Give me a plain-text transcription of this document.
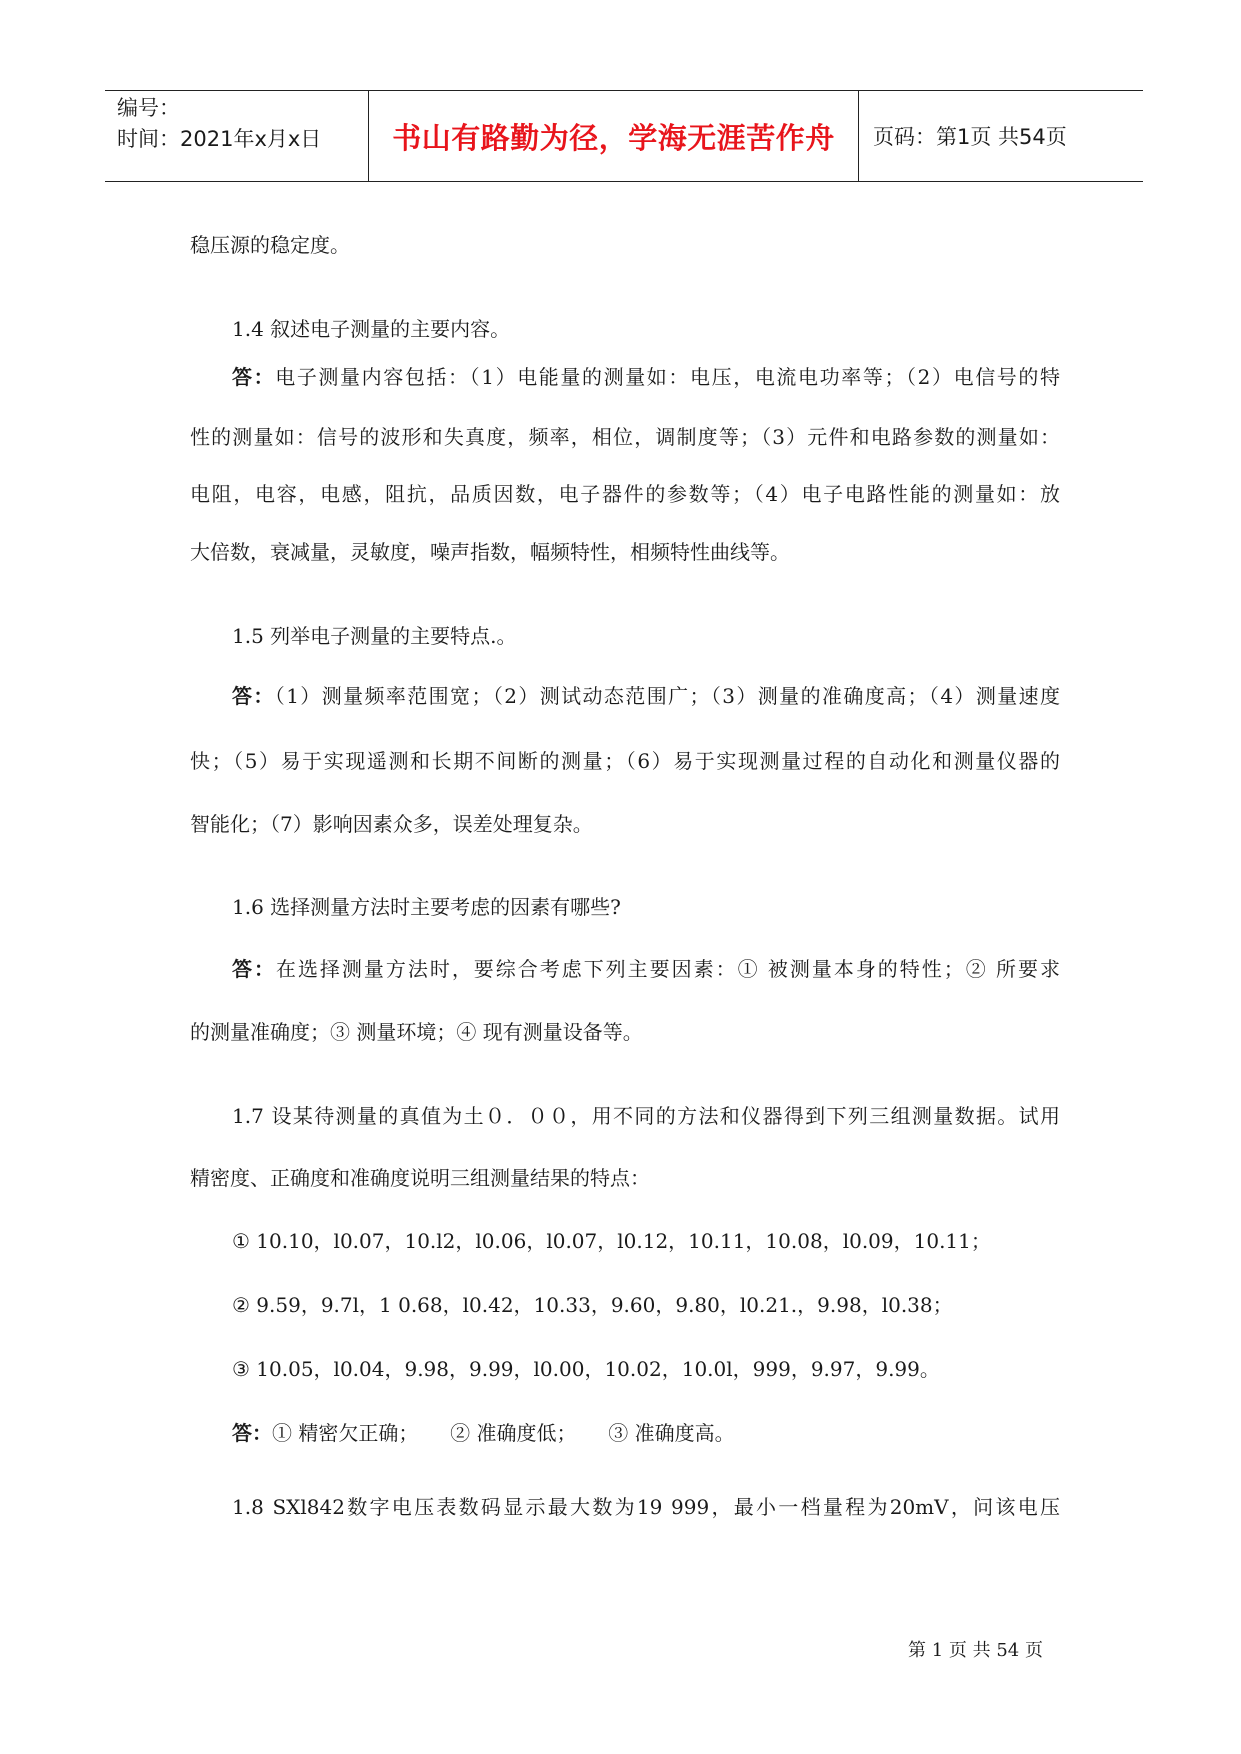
编号：
时间：2021年x月x日	书山有路勤为径，学海无涯苦作舟 页码：第1页 共54页
稳压源的稳定度。
1.4 叙述电子测量的主要内容。
答：电子测量内容包括：（1）电能量的测量如：电压，电流电功率等；（2）电信号的特
性的测量如：信号的波形和失真度，频率，相位，调制度等；（3）元件和电路参数的测量如：
电阻，电容，电感，阻抗，品质因数，电子器件的参数等；（4）电子电路性能的测量如：放
大倍数，衰减量，灵敏度，噪声指数，幅频特性，相频特性曲线等。
1.5 列举电子测量的主要特点.。
答：（1）测量频率范围宽；（2）测试动态范围广；（3）测量的准确度高；（4）测量速度
快；（5）易于实现遥测和长期不间断的测量；（6）易于实现测量过程的自动化和测量仪器的
智能化；（7）影响因素众多，误差处理复杂。
1.6 选择测量方法时主要考虑的因素有哪些?
答：在选择测量方法时，要综合考虑下列主要因素：① 被测量本身的特性；② 所要求
的测量准确度；③ 测量环境；④ 现有测量设备等。
1.7 设某待测量的真值为土０．００，用不同的方法和仪器得到下列三组测量数据。试用
精密度、正确度和准确度说明三组测量结果的特点：
① 10.10，l0.07，10.l2，l0.06，l0.07，l0.12，10.11，10.08，l0.09，10.11；
② 9.59，9.7l，1 0.68，l0.42，10.33，9.60，9.80，l0.21.，9.98，l0.38；
③ 10.05，l0.04，9.98，9.99，l0.00，10.02，10.0l，999，9.97，9.99。
答：① 精密欠正确；     ② 准确度低；     ③ 准确度高。
1.8 SXl842数字电压表数码显示最大数为19 999，最小一档量程为20mV，问该电压
第 1 页 共 54 页
